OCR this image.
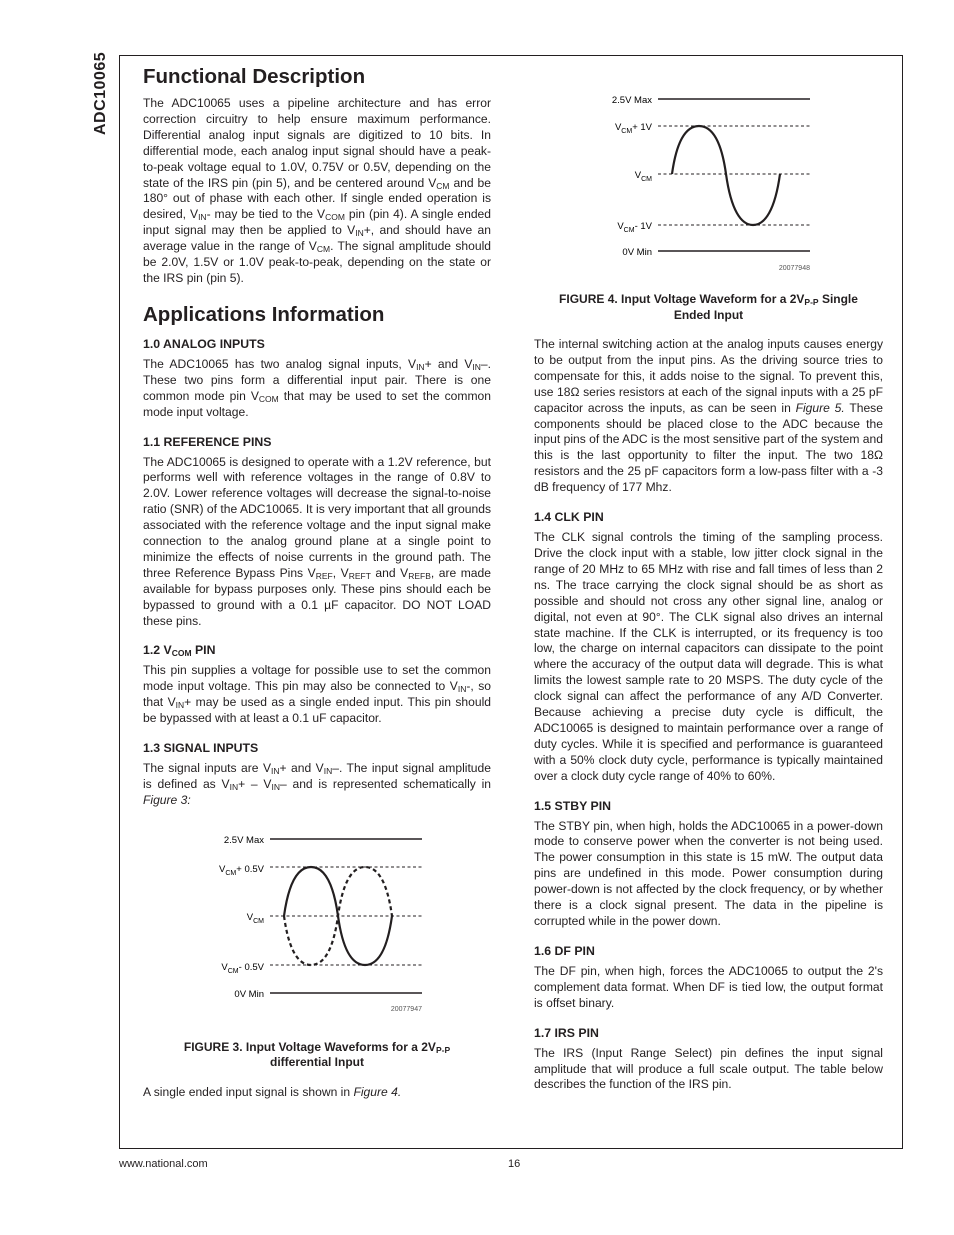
ADC10065 Functional Description

The ADC10065 uses a pipeline architecture and has error correction circuitry to help ensure maximum performance. Differential analog input signals are digitized to 10 bits. In differential mode, each analog input signal should have a peak-to-peak voltage equal to 1.0V, 0.75V or 0.5V, depending on the state of the IRS pin (pin 5), and be centered around $V_{CM}$ and be 180° out of phase with each other. If single ended operation is desired, $V_{IN}-$ may be tied to the $V_{COM}$ pin (pin 4). A single ended input signal may then be applied to $V_{IN}+$, and should have an average value in the range of $V_{CM}$. The signal amplitude should be 2.0V, 1.5V or 1.0V peak-to-peak, depending on the state or the IRS pin (pin 5).

Applications Information
1.0 ANALOG INPUTS

The ADC10065 has two analog signal inputs, $V_{IN}+$ and $V_{IN}-$. These two pins form a differential input pair. There is one common mode pin $V_{COM}$ that may be used to set the common mode input voltage.

1.1 REFERENCE PINS

The ADC10065 is designed to operate with a 1.2V reference, but performs well with reference voltages in the range of 0.8V to 2.0V. Lower reference voltages will decrease the signal-to-noise ratio (SNR) of the ADC10065. It is very important that all grounds associated with the reference voltage and the input signal make connection to the analog ground plane at a single point to minimize the effects of noise currents in the ground path. The three Reference Bypass Pins $V_{REF}$, $V_{REFT}$ and $V_{REFB}$, are made available for bypass purposes only. These pins should each be bypassed to ground with a 0.1 µF capacitor. DO NOT LOAD these pins.

1.2 $V_{COM}$ PIN

This pin supplies a voltage for possible use to set the common mode input voltage. This pin may also be connected to $V_{IN}-$, so that $V_{IN}+$ may be used as a single ended input. This pin should be bypassed with at least a 0.1 uF capacitor.

1.3 SIGNAL INPUTS

The signal inputs are $V_{IN}+$ and $V_{IN}-$. The input signal amplitude is defined as $V_{IN}+ - V_{IN}-$ and is represented schematically in Figure 3:

2.5V Max
$V_{CM}+ 0.5V$
$V_{CM}$
$V_{CM}-$ 0.5V
0V Min
20077947

FIGURE 3. Input Voltage Waveforms for a $2V_{P-P}$
differential Input

A single ended input signal is shown in Figure 4.

2.5V Max
$V_{CM}+ 1V$
$V_{CM}$
$V_{CM}-$ 1V
0V Min
20077948

FIGURE 4. Input Voltage Waveform for a $2V_{P-P}$ Single
Ended Input

The internal switching action at the analog inputs causes energy to be output from the input pins. As the driving source tries to compensate for this, it adds noise to the signal. To prevent this, use 18Ω series resistors at each of the signal inputs with a 25 pF capacitor across the inputs, as can be seen in Figure 5. These components should be placed close to the ADC because the input pins of the ADC is the most sensitive part of the system and this is the last opportunity to filter the input. The two 18Ω resistors and the 25 pF capacitors form a low-pass filter with a -3 dB frequency of 177 Mhz.

1.4 CLK PIN

The CLK signal controls the timing of the sampling process. Drive the clock input with a stable, low jitter clock signal in the range of 20 MHz to 65 MHz with rise and fall times of less than 2 ns. The trace carrying the clock signal should be as short as possible and should not cross any other signal line, analog or digital, not even at 90°. The CLK signal also drives an internal state machine. If the CLK is interrupted, or its frequency is too low, the charge on internal capacitors can dissipate to the point where the accuracy of the output data will degrade. This is what limits the lowest sample rate to 20 MSPS. The duty cycle of the clock signal can affect the performance of any A/D Converter. Because achieving a precise duty cycle is difficult, the ADC10065 is designed to maintain performance over a range of duty cycles. While it is specified and performance is guaranteed with a 50% clock duty cycle, performance is typically maintained over a clock duty cycle range of 40% to 60%.

1.5 STBY PIN

The STBY pin, when high, holds the ADC10065 in a power-down mode to conserve power when the converter is not being used. The power consumption in this state is 15 mW. The output data pins are undefined in this mode. Power consumption during power-down is not affected by the clock frequency, or by whether there is a clock signal present. The data in the pipeline is corrupted while in the power down.

1.6 DF PIN

The DF pin, when high, forces the ADC10065 to output the 2's complement data format. When DF is tied low, the output format is offset binary.

1.7 IRS PIN

The IRS (Input Range Select) pin defines the input signal amplitude that will produce a full scale output. The table below describes the function of the IRS pin.

www.national.com	16
